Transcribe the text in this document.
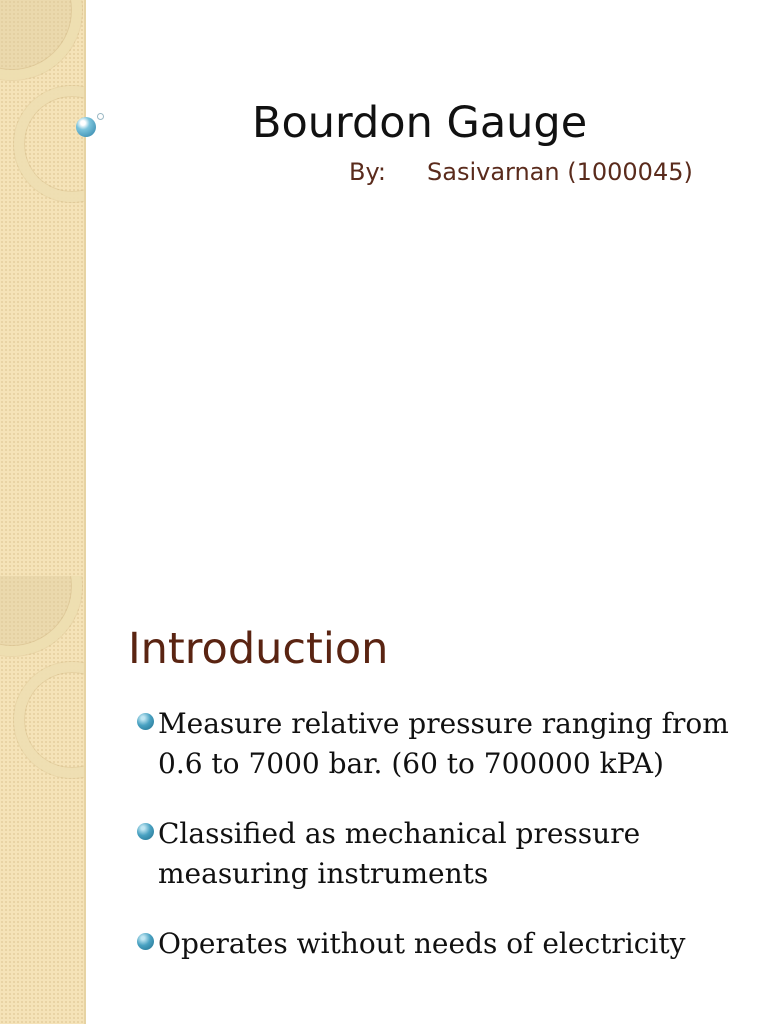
Bourdon Gauge
By: Sasivarnan (1000045)
Introduction
Measure relative pressure ranging from 0.6 to 7000 bar. (60 to 700000 kPA)
Classified as mechanical pressure measuring instruments
Operates without needs of electricity
